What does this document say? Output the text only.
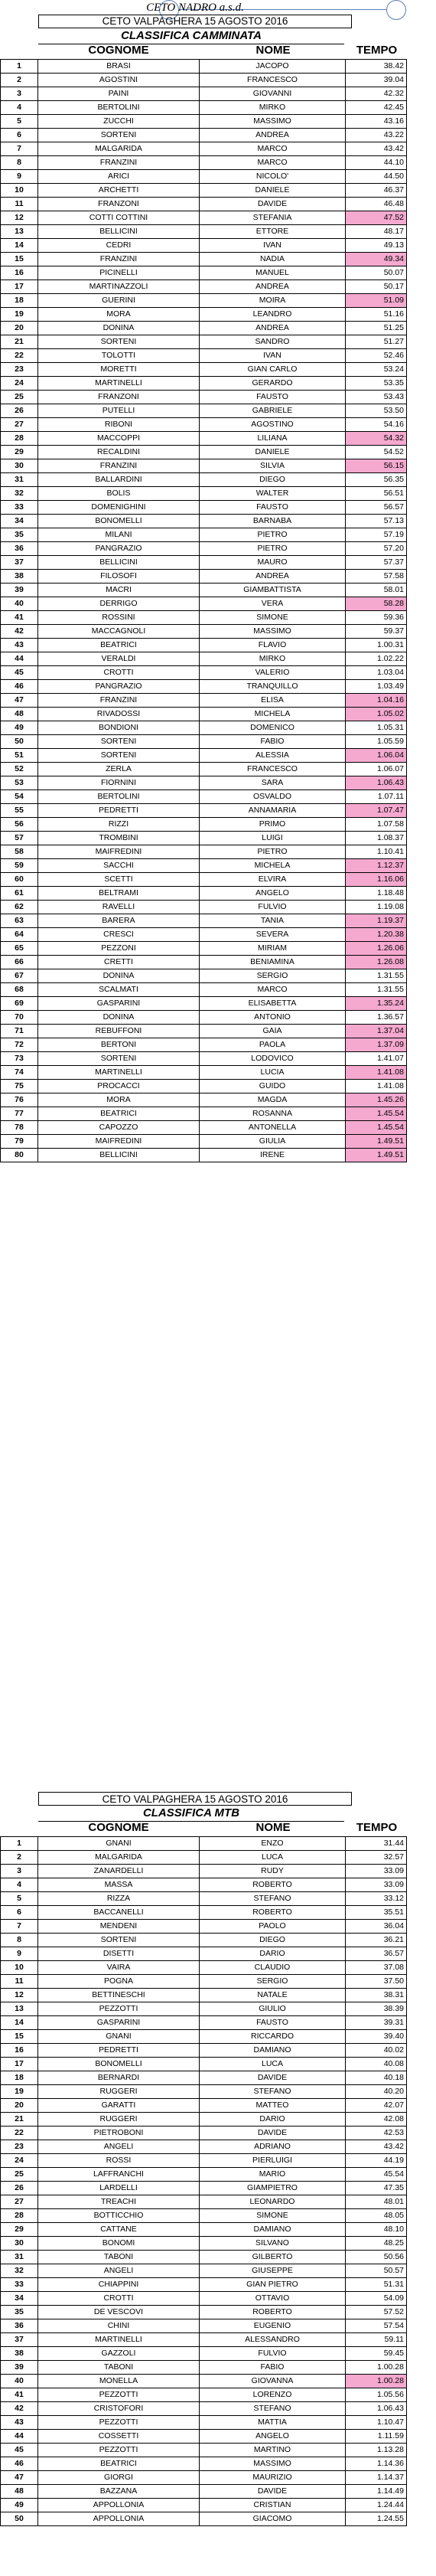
CETO NADRO a.s.d.
CETO VALPAGHERA 15 AGOSTO 2016
CLASSIFICA CAMMINATA
COGNOME	NOME	TEMPO
1	BRASI	JACOPO	38.42
2	AGOSTINI	FRANCESCO	39.04
3	PAINI	GIOVANNI	42.32
4	BERTOLINI	MIRKO	42.45
5	ZUCCHI	MASSIMO	43.16
6	SORTENI	ANDREA	43.22
7	MALGARIDA	MARCO	43.42
8	FRANZINI	MARCO	44.10
9	ARICI	NICOLO'	44.50
10	ARCHETTI	DANIELE	46.37
11	FRANZONI	DAVIDE	46.48
12	COTTI COTTINI	STEFANIA	47.52
13	BELLICINI	ETTORE	48.17
14	CEDRI	IVAN	49.13
15	FRANZINI	NADIA	49.34
16	PICINELLI	MANUEL	50.07
17	MARTINAZZOLI	ANDREA	50.17
18	GUERINI	MOIRA	51.09
19	MORA	LEANDRO	51.16
20	DONINA	ANDREA	51.25
21	SORTENI	SANDRO	51.27
22	TOLOTTI	IVAN	52.46
23	MORETTI	GIAN CARLO	53.24
24	MARTINELLI	GERARDO	53.35
25	FRANZONI	FAUSTO	53.43
26	PUTELLI	GABRIELE	53.50
27	RIBONI	AGOSTINO	54.16
28	MACCOPPI	LILIANA	54.32
29	RECALDINI	DANIELE	54.52
30	FRANZINI	SILVIA	56.15
31	BALLARDINI	DIEGO	56.35
32	BOLIS	WALTER	56.51
33	DOMENIGHINI	FAUSTO	56.57
34	BONOMELLI	BARNABA	57.13
35	MILANI	PIETRO	57.19
36	PANGRAZIO	PIETRO	57.20
37	BELLICINI	MAURO	57.37
38	FILOSOFI	ANDREA	57.58
39	MACRI	GIAMBATTISTA	58.01
40	DERRIGO	VERA	58.28
41	ROSSINI	SIMONE	59.36
42	MACCAGNOLI	MASSIMO	59.37
43	BEATRICI	FLAVIO	1.00.31
44	VERALDI	MIRKO	1.02.22
45	CROTTI	VALERIO	1.03.04
46	PANGRAZIO	TRANQUILLO	1.03.49
47	FRANZINI	ELISA	1.04.16
48	RIVADOSSI	MICHELA	1.05.02
49	BONDIONI	DOMENICO	1.05.31
50	SORTENI	FABIO	1.05.59
51	SORTENI	ALESSIA	1.06.04
52	ZERLA	FRANCESCO	1.06.07
53	FIORNINI	SARA	1.06.43
54	BERTOLINI	OSVALDO	1.07.11
55	PEDRETTI	ANNAMARIA	1.07.47
56	RIZZI	PRIMO	1.07.58
57	TROMBINI	LUIGI	1.08.37
58	MAIFREDINI	PIETRO	1.10.41
59	SACCHI	MICHELA	1.12.37
60	SCETTI	ELVIRA	1.16.06
61	BELTRAMI	ANGELO	1.18.48
62	RAVELLI	FULVIO	1.19.08
63	BARERA	TANIA	1.19.37
64	CRESCI	SEVERA	1.20.38
65	PEZZONI	MIRIAM	1.26.06
66	CRETTI	BENIAMINA	1.26.08
67	DONINA	SERGIO	1.31.55
68	SCALMATI	MARCO	1.31.55
69	GASPARINI	ELISABETTA	1.35.24
70	DONINA	ANTONIO	1.36.57
71	REBUFFONI	GAIA	1.37.04
72	BERTONI	PAOLA	1.37.09
73	SORTENI	LODOVICO	1.41.07
74	MARTINELLI	LUCIA	1.41.08
75	PROCACCI	GUIDO	1.41.08
76	MORA	MAGDA	1.45.26
77	BEATRICI	ROSANNA	1.45.54
78	CAPOZZO	ANTONELLA	1.45.54
79	MAIFREDINI	GIULIA	1.49.51
80	BELLICINI	IRENE	1.49.51
CETO VALPAGHERA 15 AGOSTO 2016
CLASSIFICA MTB
COGNOME	NOME	TEMPO
1	GNANI	ENZO	31.44
2	MALGARIDA	LUCA	32.57
3	ZANARDELLI	RUDY	33.09
4	MASSA	ROBERTO	33.09
5	RIZZA	STEFANO	33.12
6	BACCANELLI	ROBERTO	35.51
7	MENDENI	PAOLO	36.04
8	SORTENI	DIEGO	36.21
9	DISETTI	DARIO	36.57
10	VAIRA	CLAUDIO	37.08
11	POGNA	SERGIO	37.50
12	BETTINESCHI	NATALE	38.31
13	PEZZOTTI	GIULIO	38.39
14	GASPARINI	FAUSTO	39.31
15	GNANI	RICCARDO	39.40
16	PEDRETTI	DAMIANO	40.02
17	BONOMELLI	LUCA	40.08
18	BERNARDI	DAVIDE	40.18
19	RUGGERI	STEFANO	40.20
20	GARATTI	MATTEO	42.07
21	RUGGERI	DARIO	42.08
22	PIETROBONI	DAVIDE	42.53
23	ANGELI	ADRIANO	43.42
24	ROSSI	PIERLUIGI	44.19
25	LAFFRANCHI	MARIO	45.54
26	LARDELLI	GIAMPIETRO	47.35
27	TREACHI	LEONARDO	48.01
28	BOTTICCHIO	SIMONE	48.05
29	CATTANE	DAMIANO	48.10
30	BONOMI	SILVANO	48.25
31	TABONI	GILBERTO	50.56
32	ANGELI	GIUSEPPE	50.57
33	CHIAPPINI	GIAN PIETRO	51.31
34	CROTTI	OTTAVIO	54.09
35	DE VESCOVI	ROBERTO	57.52
36	CHINI	EUGENIO	57.54
37	MARTINELLI	ALESSANDRO	59.11
38	GAZZOLI	FULVIO	59.45
39	TABONI	FABIO	1.00.28
40	MONELLA	GIOVANNA	1.00.28
41	PEZZOTTI	LORENZO	1.05.56
42	CRISTOFORI	STEFANO	1.06.43
43	PEZZOTTI	MATTIA	1.10.47
44	COSSETTI	ANGELO	1.11.59
45	PEZZOTTI	MARTINO	1.13.28
46	BEATRICI	MASSIMO	1.14.36
47	GIORGI	MAURIZIO	1.14.37
48	BAZZANA	DAVIDE	1.14.49
49	APPOLLONIA	CRISTIAN	1.24.44
50	APPOLLONIA	GIACOMO	1.24.55
